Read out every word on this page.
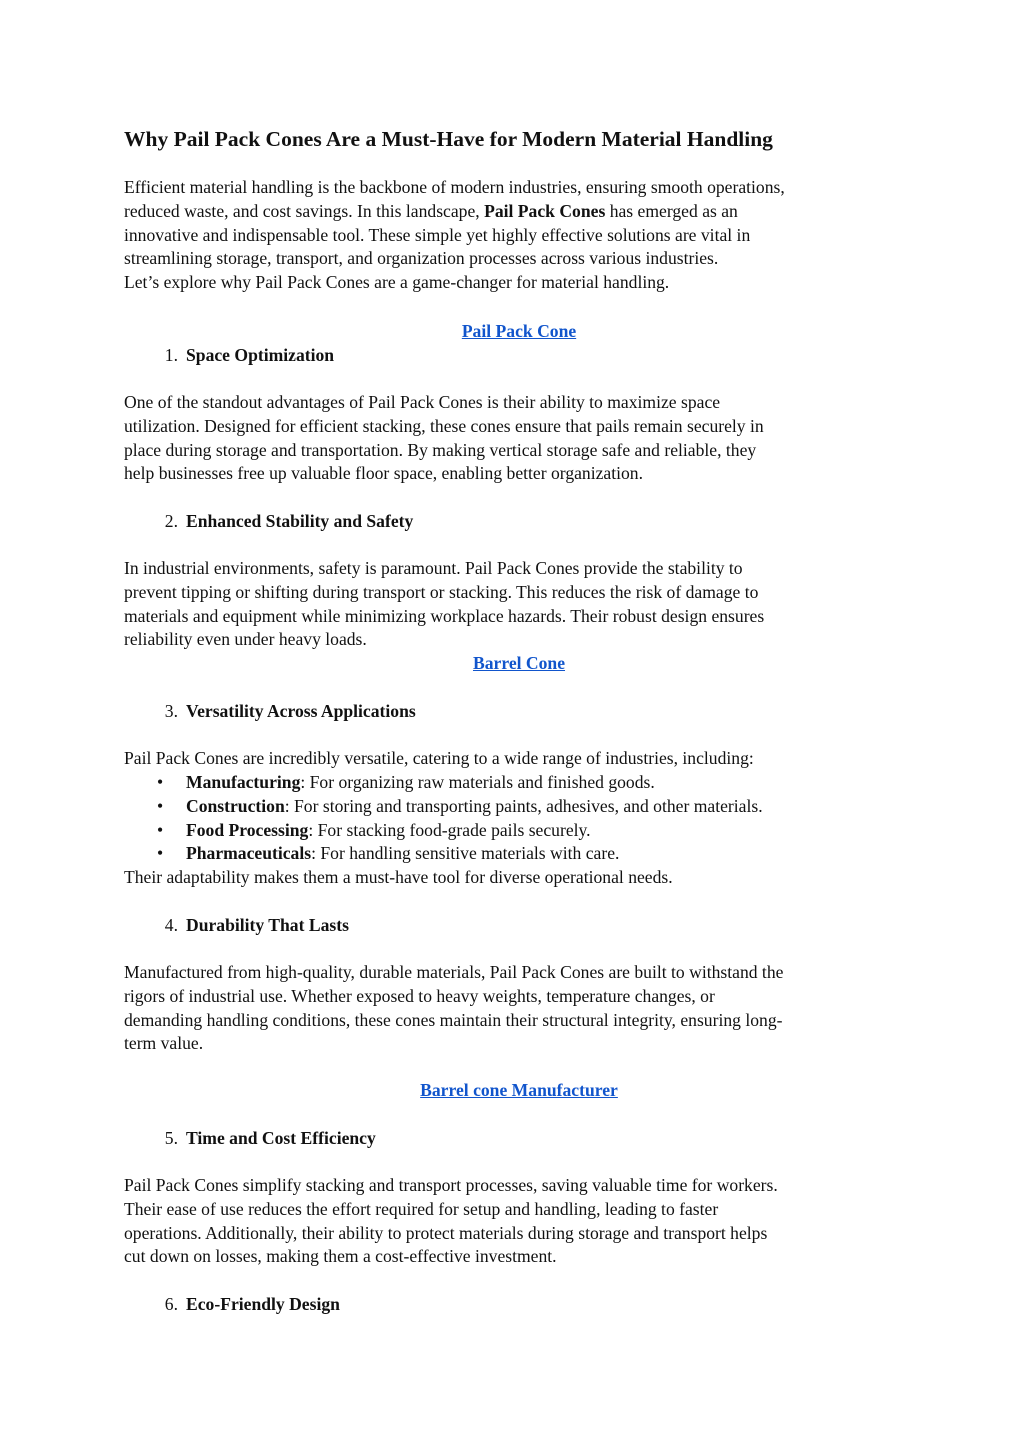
Why Pail Pack Cones Are a Must-Have for Modern Material Handling
Efficient material handling is the backbone of modern industries, ensuring smooth operations,
reduced waste, and cost savings. In this landscape, Pail Pack Cones has emerged as an
innovative and indispensable tool. These simple yet highly effective solutions are vital in
streamlining storage, transport, and organization processes across various industries.
Let’s explore why Pail Pack Cones are a game-changer for material handling.
Pail Pack Cone
1. Space Optimization
One of the standout advantages of Pail Pack Cones is their ability to maximize space
utilization. Designed for efficient stacking, these cones ensure that pails remain securely in
place during storage and transportation. By making vertical storage safe and reliable, they
help businesses free up valuable floor space, enabling better organization.
2. Enhanced Stability and Safety
In industrial environments, safety is paramount. Pail Pack Cones provide the stability to
prevent tipping or shifting during transport or stacking. This reduces the risk of damage to
materials and equipment while minimizing workplace hazards. Their robust design ensures
reliability even under heavy loads.
Barrel Cone
3. Versatility Across Applications
Pail Pack Cones are incredibly versatile, catering to a wide range of industries, including:
• Manufacturing: For organizing raw materials and finished goods.
• Construction: For storing and transporting paints, adhesives, and other materials.
• Food Processing: For stacking food-grade pails securely.
• Pharmaceuticals: For handling sensitive materials with care.
Their adaptability makes them a must-have tool for diverse operational needs.
4. Durability That Lasts
Manufactured from high-quality, durable materials, Pail Pack Cones are built to withstand the
rigors of industrial use. Whether exposed to heavy weights, temperature changes, or
demanding handling conditions, these cones maintain their structural integrity, ensuring long-
term value.
Barrel cone Manufacturer
5. Time and Cost Efficiency
Pail Pack Cones simplify stacking and transport processes, saving valuable time for workers.
Their ease of use reduces the effort required for setup and handling, leading to faster
operations. Additionally, their ability to protect materials during storage and transport helps
cut down on losses, making them a cost-effective investment.
6. Eco-Friendly Design
